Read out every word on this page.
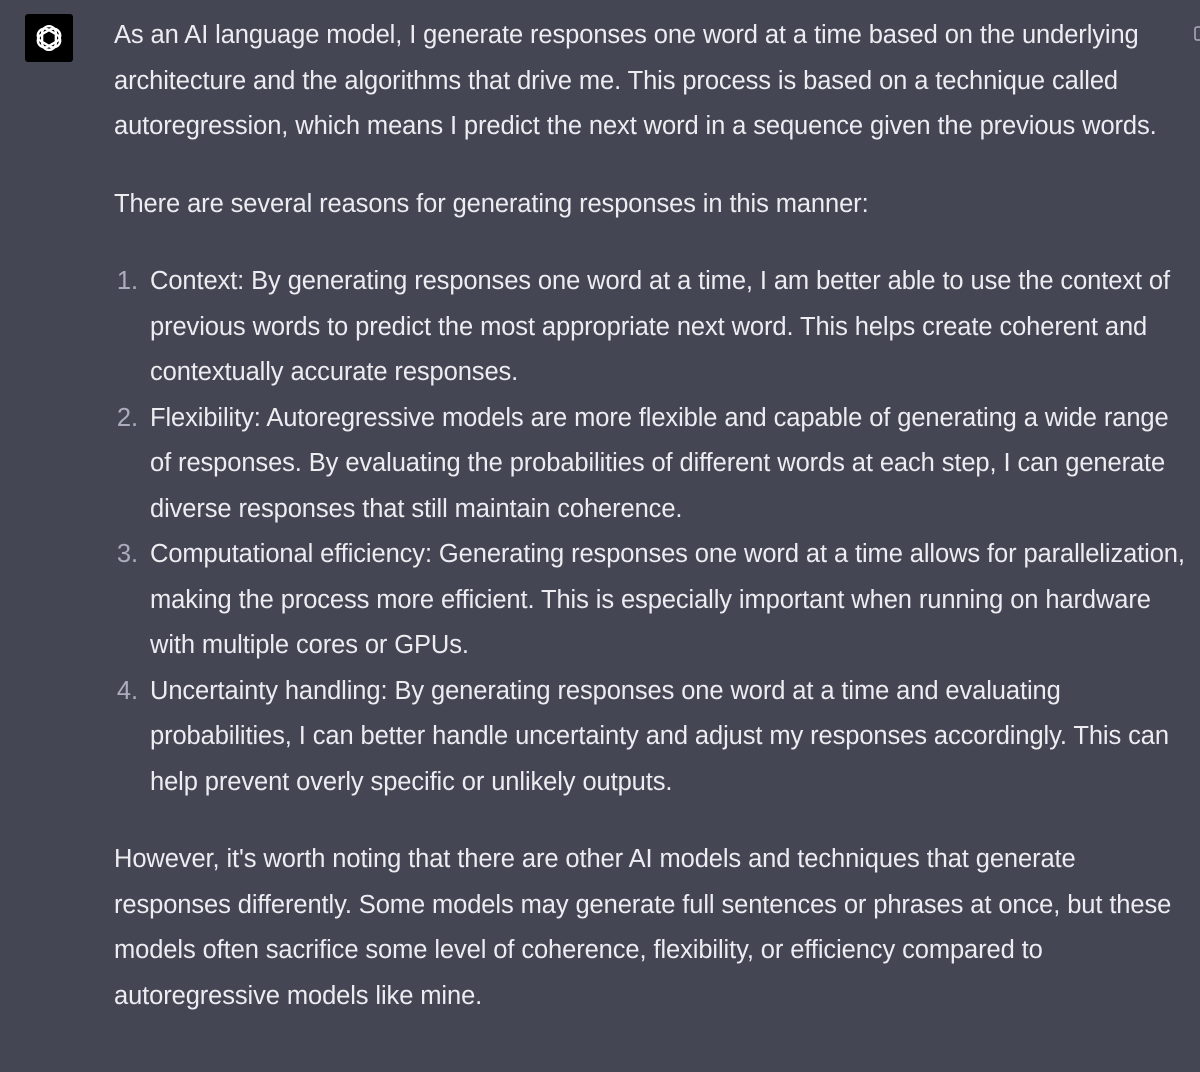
As an AI language model, I generate responses one word at a time based on the underlying architecture and the algorithms that drive me. This process is based on a technique called autoregression, which means I predict the next word in a sequence given the previous words.

There are several reasons for generating responses in this manner:

1. Context: By generating responses one word at a time, I am better able to use the context of previous words to predict the most appropriate next word. This helps create coherent and contextually accurate responses.
2. Flexibility: Autoregressive models are more flexible and capable of generating a wide range of responses. By evaluating the probabilities of different words at each step, I can generate diverse responses that still maintain coherence.
3. Computational efficiency: Generating responses one word at a time allows for parallelization, making the process more efficient. This is especially important when running on hardware with multiple cores or GPUs.
4. Uncertainty handling: By generating responses one word at a time and evaluating probabilities, I can better handle uncertainty and adjust my responses accordingly. This can help prevent overly specific or unlikely outputs.

However, it's worth noting that there are other AI models and techniques that generate responses differently. Some models may generate full sentences or phrases at once, but these models often sacrifice some level of coherence, flexibility, or efficiency compared to autoregressive models like mine.
